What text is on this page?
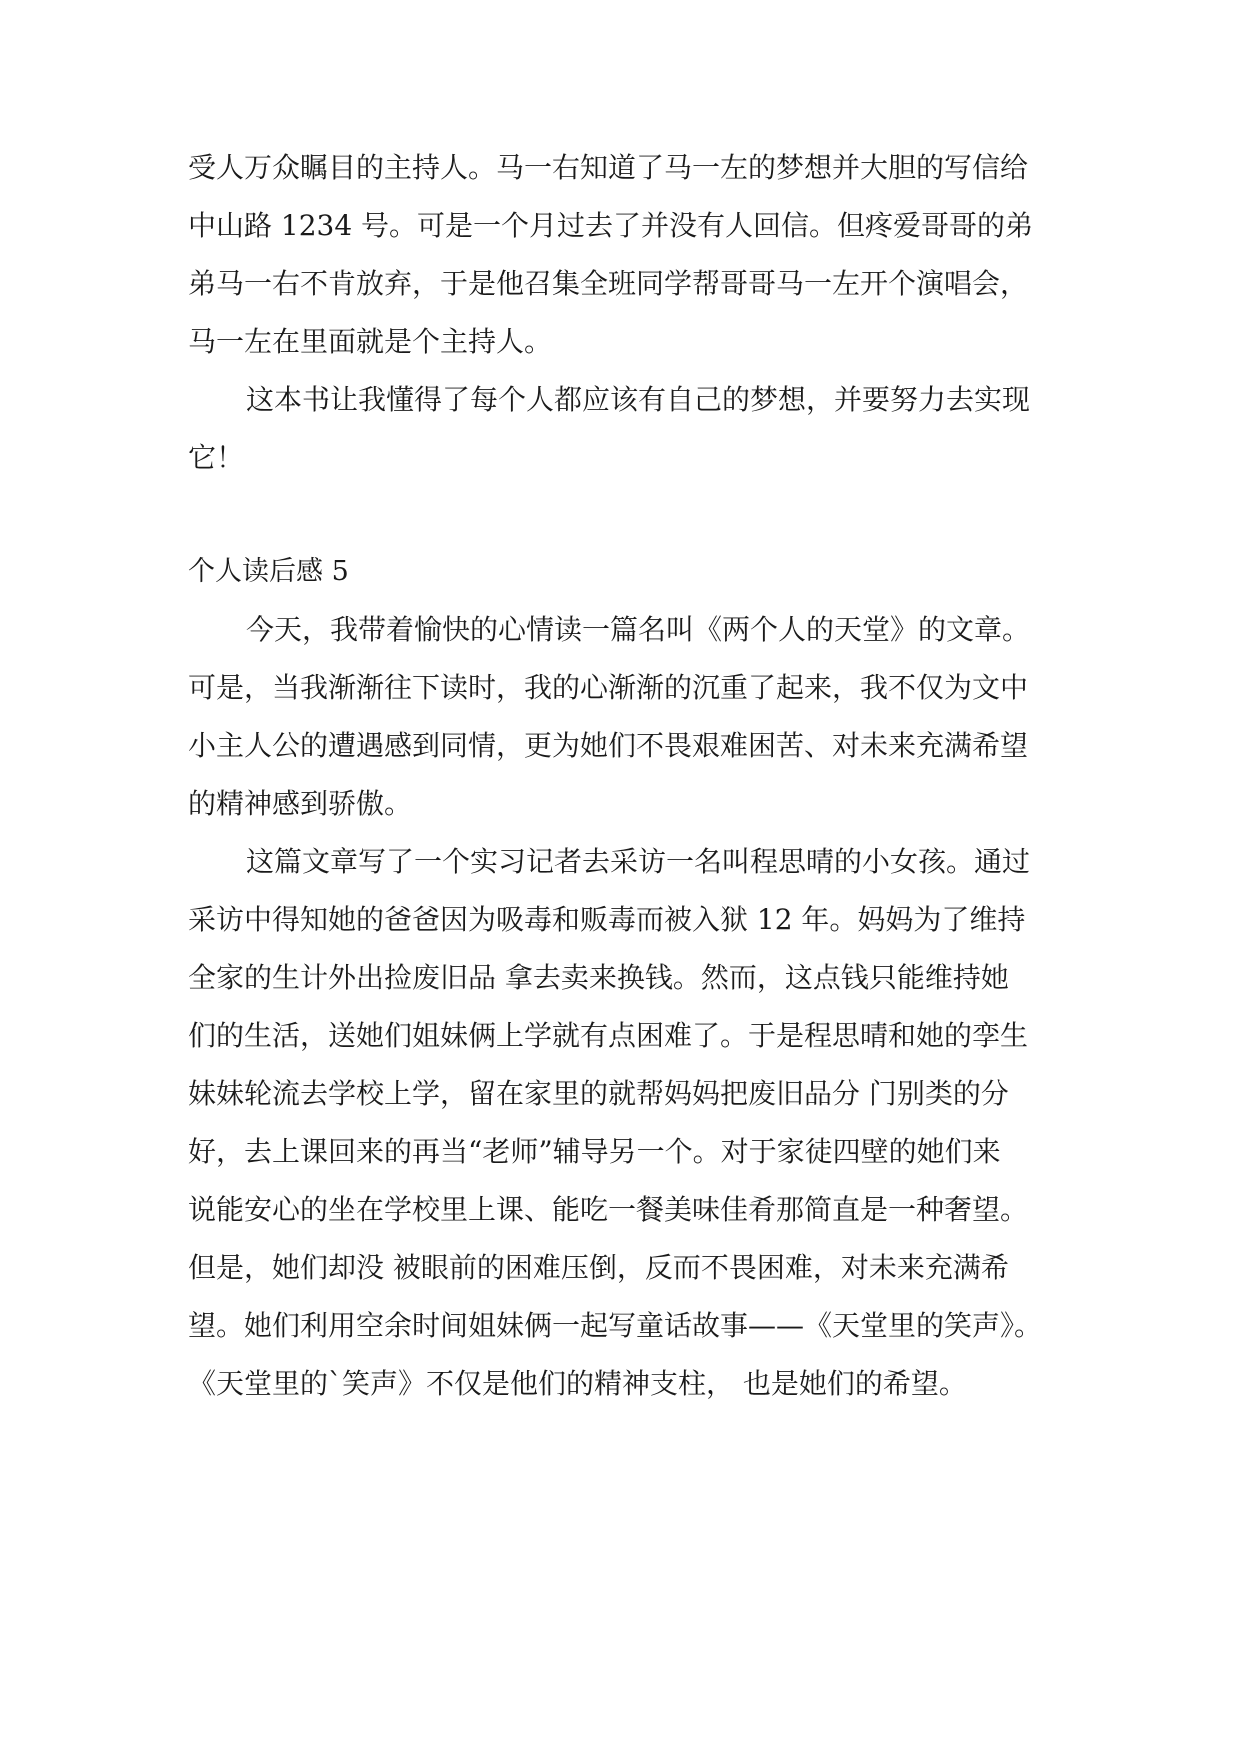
受人万众瞩目的主持人。马一右知道了马一左的梦想并大胆的写信给
中山路 1234 号。可是一个月过去了并没有人回信。但疼爱哥哥的弟
弟马一右不肯放弃，于是他召集全班同学帮哥哥马一左开个演唱会，
马一左在里面就是个主持人。
这本书让我懂得了每个人都应该有自己的梦想，并要努力去实现
它！
个人读后感 5
今天，我带着愉快的心情读一篇名叫《两个人的天堂》的文章。
可是，当我渐渐往下读时，我的心渐渐的沉重了起来，我不仅为文中
小主人公的遭遇感到同情，更为她们不畏艰难困苦、对未来充满希望
的精神感到骄傲。
这篇文章写了一个实习记者去采访一名叫程思晴的小女孩。通过
采访中得知她的爸爸因为吸毒和贩毒而被入狱 12 年。妈妈为了维持
全家的生计外出捡废旧品 拿去卖来换钱。然而，这点钱只能维持她
们的生活，送她们姐妹俩上学就有点困难了。于是程思晴和她的孪生
妹妹轮流去学校上学，留在家里的就帮妈妈把废旧品分 门别类的分
好，去上课回来的再当“老师”辅导另一个。对于家徒四壁的她们来
说能安心的坐在学校里上课、能吃一餐美味佳肴那简直是一种奢望。
但是，她们却没 被眼前的困难压倒，反而不畏困难，对未来充满希
望。她们利用空余时间姐妹俩一起写童话故事——《天堂里的笑声》。
《天堂里的`笑声》不仅是他们的精神支柱， 也是她们的希望。
